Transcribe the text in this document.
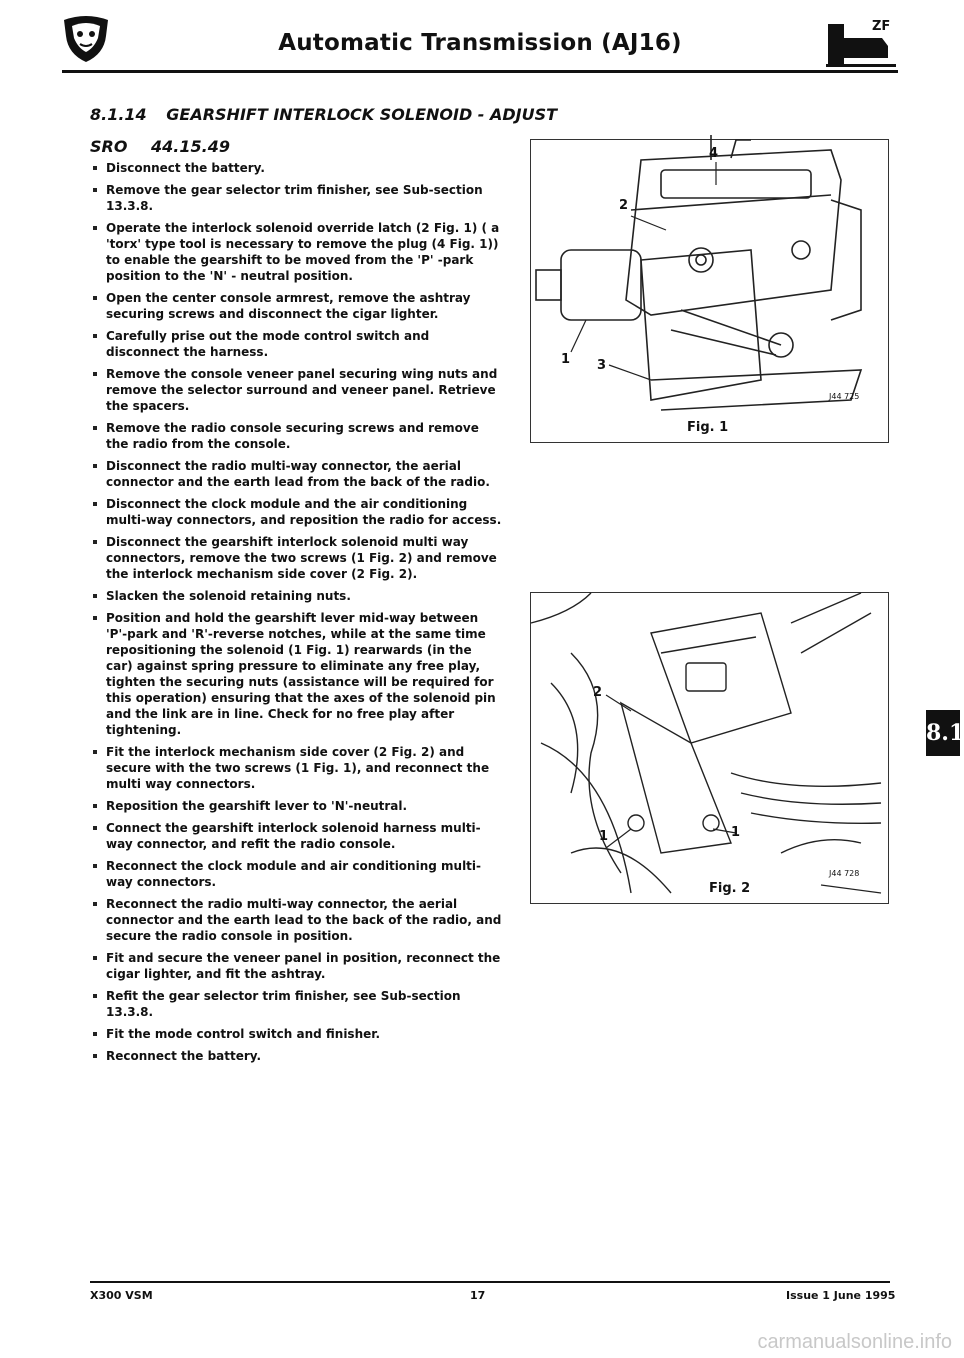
Automatic Transmission (AJ16)
ZF
8.1.14 GEARSHIFT INTERLOCK SOLENOID - ADJUST
SRO 44.15.49
Disconnect the battery.
Remove the gear selector trim finisher, see Sub-section 13.3.8.
Operate the interlock solenoid override latch (2 Fig. 1) ( a 'torx' type tool is necessary to remove the plug (4 Fig. 1)) to enable the gearshift to be moved from the 'P' -park position to the 'N' - neutral position.
Open the center console armrest, remove the ashtray securing screws and disconnect the cigar lighter.
Carefully prise out the mode control switch and disconnect the harness.
Remove the console veneer panel securing wing nuts and remove the selector surround and veneer panel. Retrieve the spacers.
Remove the radio console securing screws and remove the radio from the console.
Disconnect the radio multi-way connector, the aerial connector and the earth lead from the back of the radio.
Disconnect the clock module and the air conditioning multi-way connectors, and reposition the radio for access.
Disconnect the gearshift interlock solenoid multi way connectors, remove the two screws (1 Fig. 2) and remove the interlock mechanism side cover (2 Fig. 2).
Slacken the solenoid retaining nuts.
Position and hold the gearshift lever mid-way between 'P'-park and 'R'-reverse notches, while at the same time repositioning the solenoid (1 Fig. 1) rearwards (in the car) against spring pressure to eliminate any free play, tighten the securing nuts (assistance will be required for this operation) ensuring that the axes of the solenoid pin and the link are in line. Check for no free play after tightening.
Fit the interlock mechanism side cover (2 Fig. 2) and secure with the two screws (1 Fig. 1), and reconnect the multi way connectors.
Reposition the gearshift lever to 'N'-neutral.
Connect the gearshift interlock solenoid harness multi-way connector, and refit the radio console.
Reconnect the clock module and air conditioning multi-way connectors.
Reconnect the radio multi-way connector, the aerial connector and the earth lead to the back of the radio, and secure the radio console in position.
Fit and secure the veneer panel in position, reconnect the cigar lighter, and fit the ashtray.
Refit the gear selector trim finisher, see Sub-section 13.3.8.
Fit the mode control switch and finisher.
Reconnect the battery.
4
2
1 3
J44 725
Fig. 1
2
1	1
J44 728
Fig. 2
8.1
X300 VSM	17	Issue 1 June 1995
carmanualsonline.info
